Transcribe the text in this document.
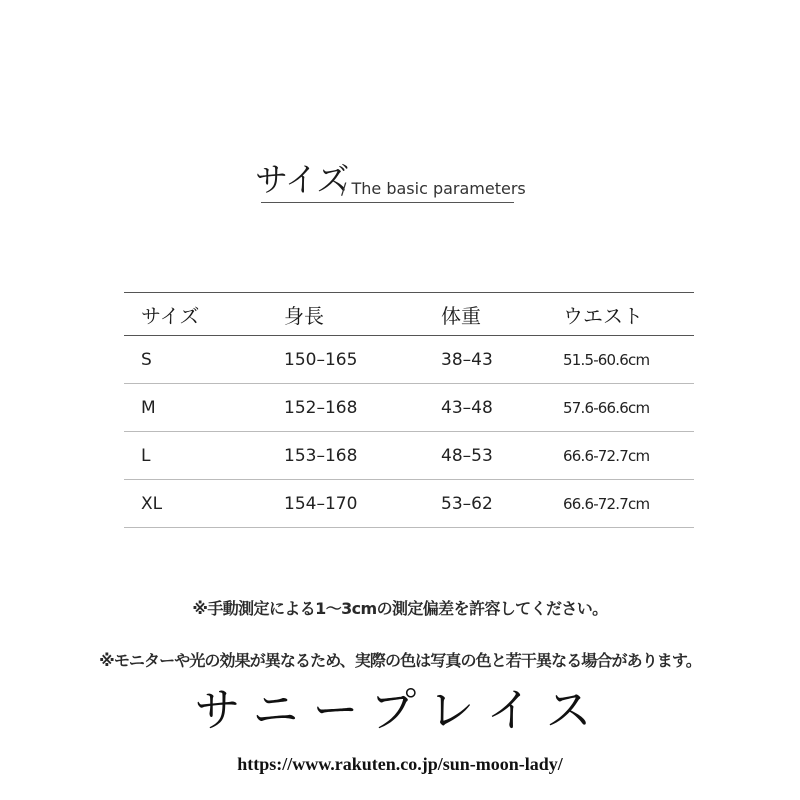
サイズ
/ The basic parameters
サイズ	身長	体重	ウエスト
S	150–165	38–43	51.5-60.6cm
M	152–168	43–48	57.6-66.6cm
L	153–168	48–53	66.6-72.7cm
XL	154–170	53–62	66.6-72.7cm
※手動測定による1～3cmの測定偏差を許容してください。
※モニターや光の効果が異なるため、実際の色は写真の色と若干異なる場合があります。
サニープレイス
https://www.rakuten.co.jp/sun-moon-lady/
